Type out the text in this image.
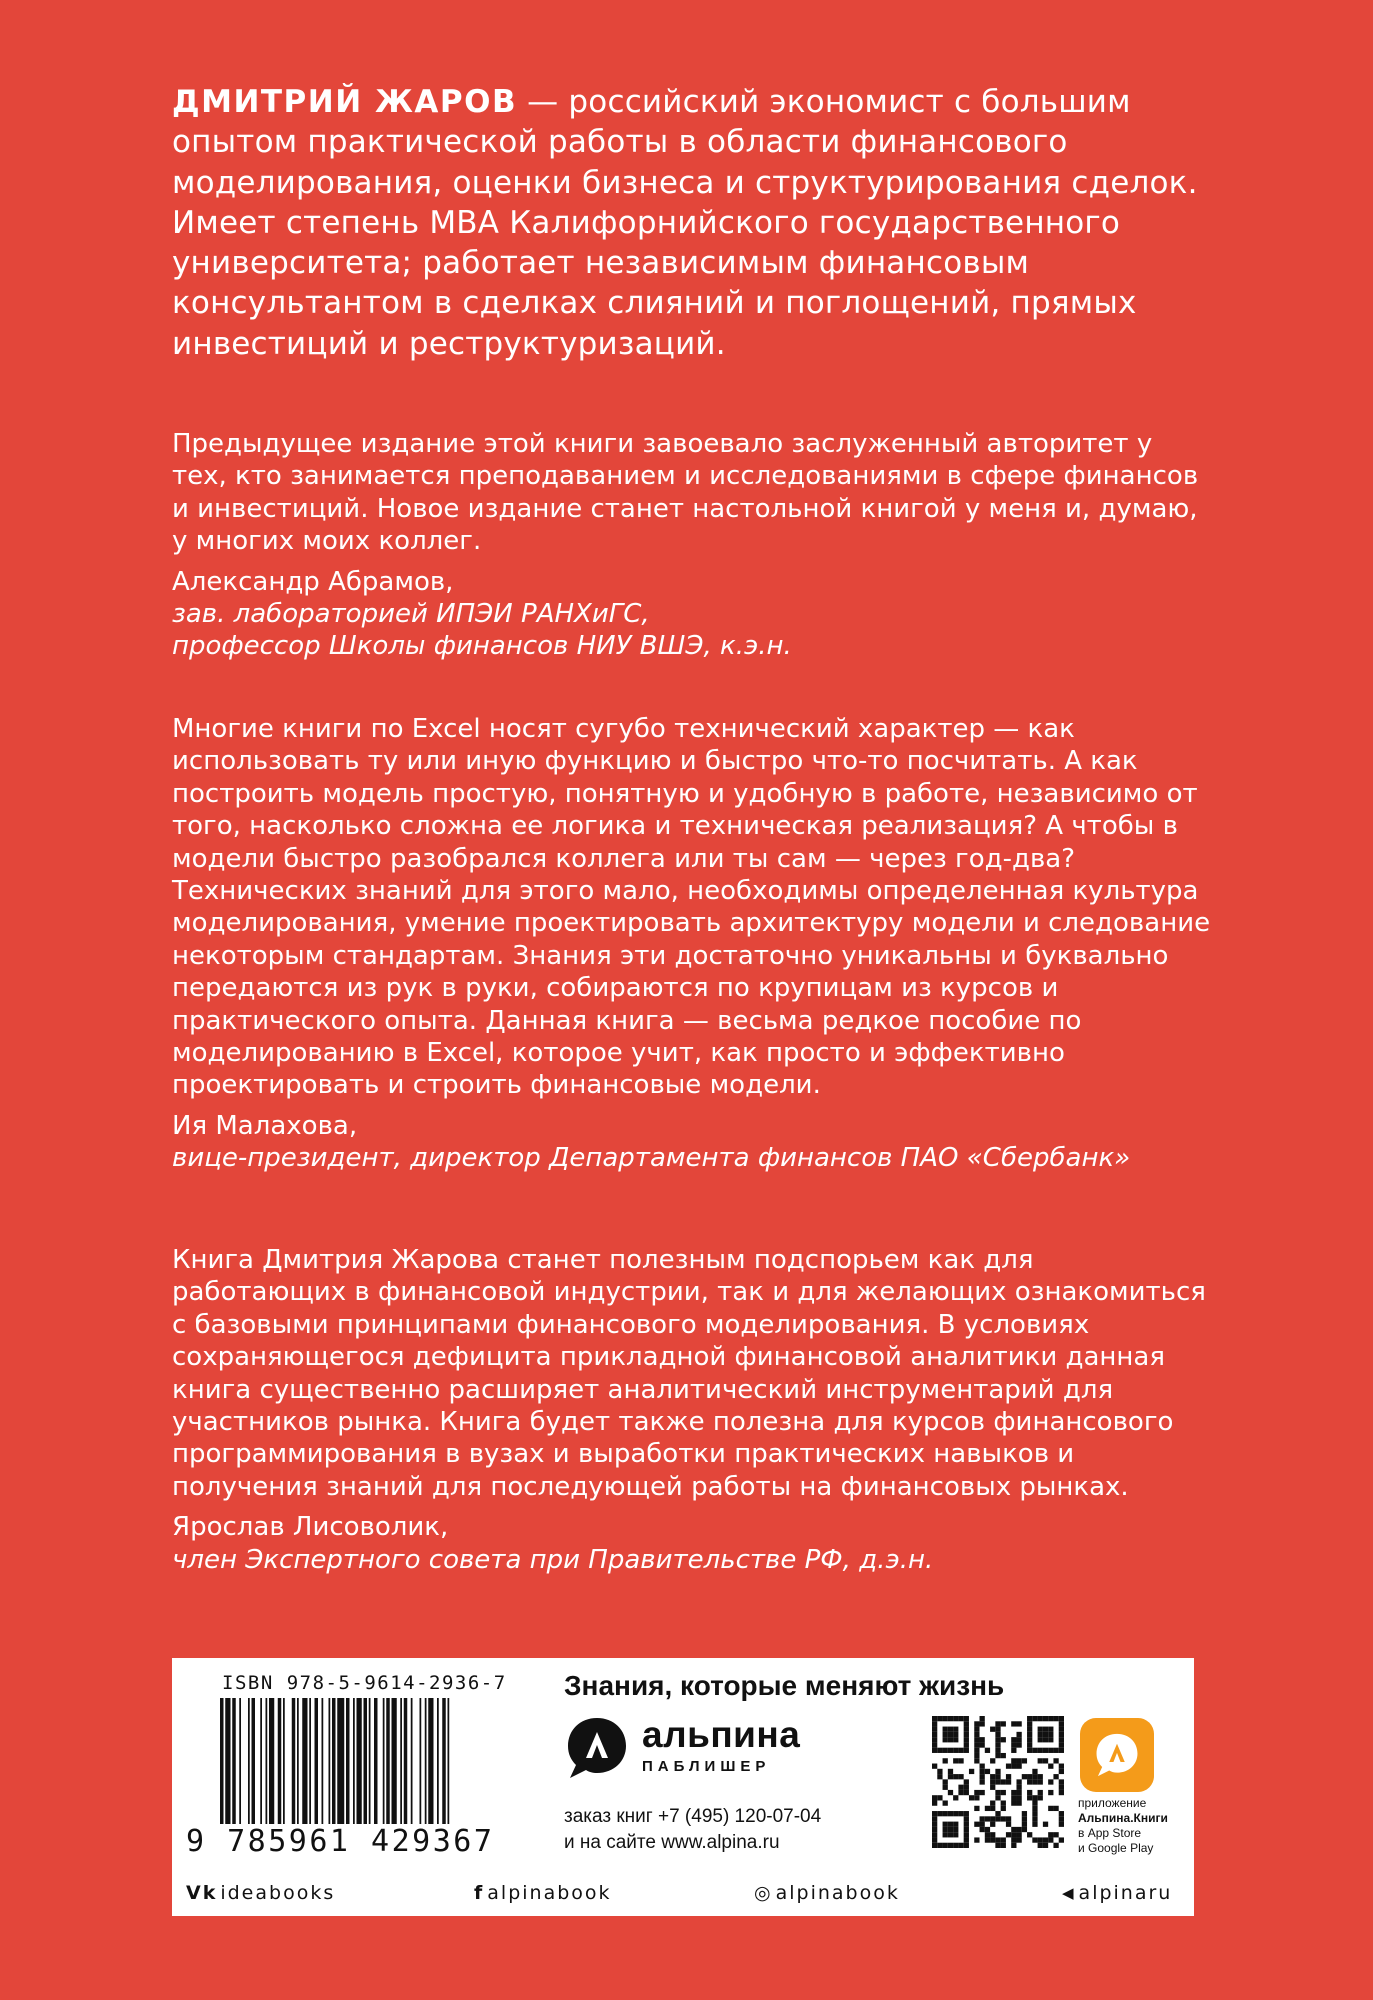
ДМИТРИЙ ЖАРОВ — российский экономист с большим опытом практической работы в области финансового моделирования, оценки бизнеса и структурирования сделок. Имеет степень MBA Калифорнийского государственного университета; работает независимым финансовым консультантом в сделках слияний и поглощений, прямых инвестиций и реструктуризаций.

Предыдущее издание этой книги завоевало заслуженный авторитет у тех, кто занимается преподаванием и исследованиями в сфере финансов и инвестиций. Новое издание станет настольной книгой у меня и, думаю, у многих моих коллег.

Александр Абрамов,

зав. лабораторией ИПЭИ РАНХиГС,

профессор Школы финансов НИУ ВШЭ, к.э.н.

Многие книги по Excel носят сугубо технический характер — как использовать ту или иную функцию и быстро что-то посчитать. А как построить модель простую, понятную и удобную в работе, независимо от того, насколько сложна ее логика и техническая реализация? А чтобы в модели быстро разобрался коллега или ты сам — через год-два? Технических знаний для этого мало, необходимы определенная культура моделирования, умение проектировать архитектуру модели и следование некоторым стандартам. Знания эти достаточно уникальны и буквально передаются из рук в руки, собираются по крупицам из курсов и практического опыта. Данная книга — весьма редкое пособие по моделированию в Excel, которое учит, как просто и эффективно проектировать и строить финансовые модели.

Ия Малахова,

вице-президент, директор Департамента финансов ПАО «Сбербанк»

Книга Дмитрия Жарова станет полезным подспорьем как для работающих в финансовой индустрии, так и для желающих ознакомиться с базовыми принципами финансового моделирования. В условиях сохраняющегося дефицита прикладной финансовой аналитики данная книга существенно расширяет аналитический инструментарий для участников рынка. Книга будет также полезна для курсов финансового программирования в вузах и выработки практических навыков и получения знаний для последующей работы на финансовых рынках.

Ярослав Лисоволик,

член Экспертного совета при Правительстве РФ, д.э.н.

ISBN 978-5-9614-2936-7
9 785961 429367
Знания, которые меняют жизнь
альпина
ПАБЛИШЕР
заказ книг +7 (495) 120-07-04
и на сайте www.alpina.ru
приложение
Альпина.Книги
в App Store
и Google Play
Vk ideabooks	f alpinabook	◎ alpinabook	◀ alpinaru
